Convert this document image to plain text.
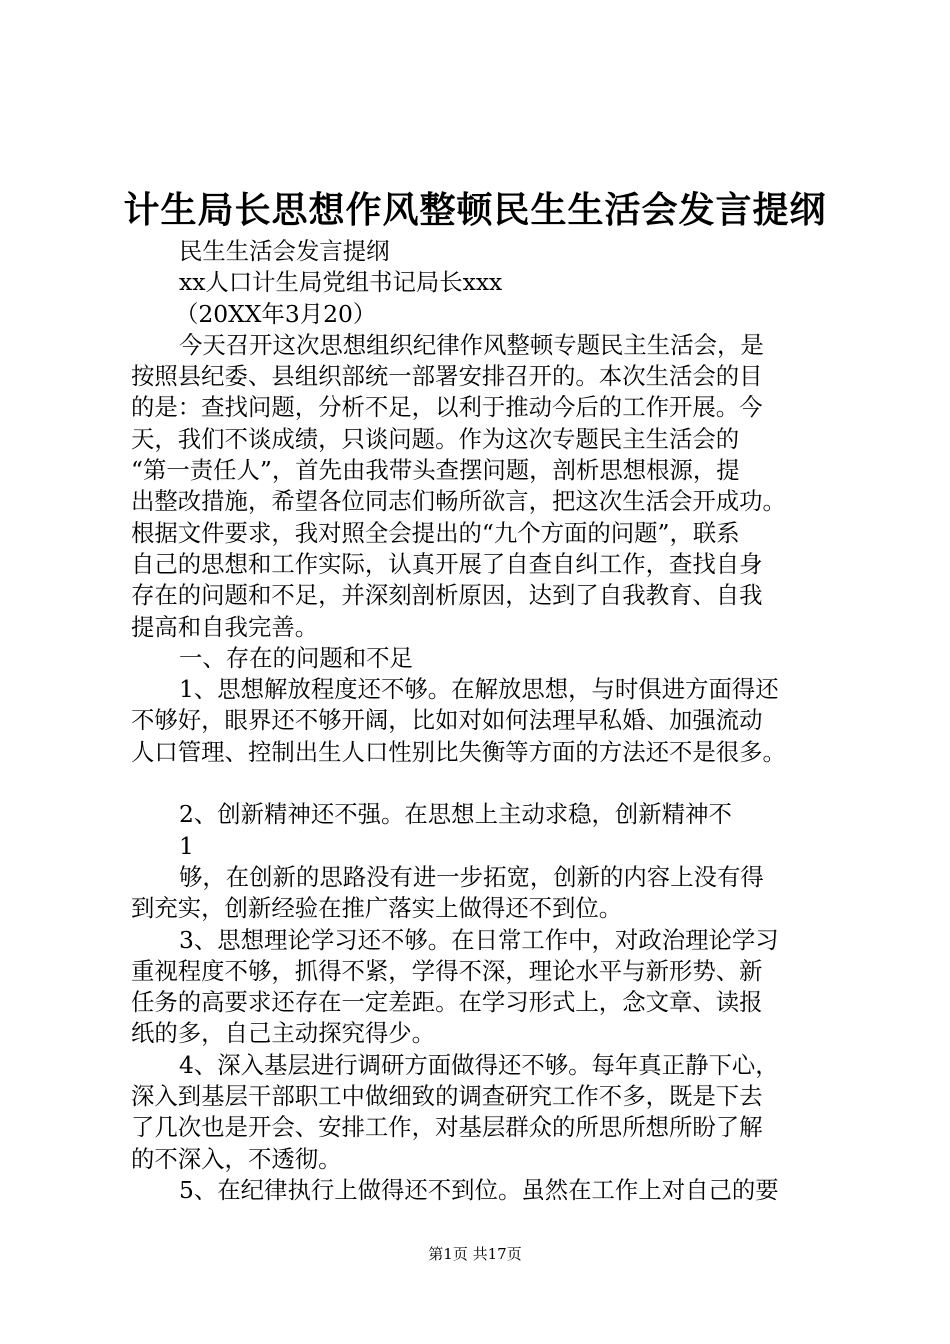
计生局长思想作风整顿民生生活会发言提纲
民生生活会发言提纲
xx人口计生局党组书记局长xxx
（20XX年3月20）
今天召开这次思想组织纪律作风整顿专题民主生活会，是
按照县纪委、县组织部统一部署安排召开的。本次生活会的目
的是：查找问题，分析不足，以利于推动今后的工作开展。今
天，我们不谈成绩，只谈问题。作为这次专题民主生活会的
“第一责任人”，首先由我带头查摆问题，剖析思想根源，提
出整改措施，希望各位同志们畅所欲言，把这次生活会开成功。
根据文件要求，我对照全会提出的“九个方面的问题”，联系
自己的思想和工作实际，认真开展了自查自纠工作，查找自身
存在的问题和不足，并深刻剖析原因，达到了自我教育、自我
提高和自我完善。
一、存在的问题和不足
1、思想解放程度还不够。在解放思想，与时俱进方面得还
不够好，眼界还不够开阔，比如对如何法理早私婚、加强流动
人口管理、控制出生人口性别比失衡等方面的方法还不是很多。
2、创新精神还不强。在思想上主动求稳，创新精神不
1
够，在创新的思路没有进一步拓宽，创新的内容上没有得
到充实，创新经验在推广落实上做得还不到位。
3、思想理论学习还不够。在日常工作中，对政治理论学习
重视程度不够，抓得不紧，学得不深，理论水平与新形势、新
任务的高要求还存在一定差距。在学习形式上，念文章、读报
纸的多，自己主动探究得少。
4、深入基层进行调研方面做得还不够。每年真正静下心，
深入到基层干部职工中做细致的调查研究工作不多，既是下去
了几次也是开会、安排工作，对基层群众的所思所想所盼了解
的不深入，不透彻。
5、在纪律执行上做得还不到位。虽然在工作上对自己的要
第1页 共17页
